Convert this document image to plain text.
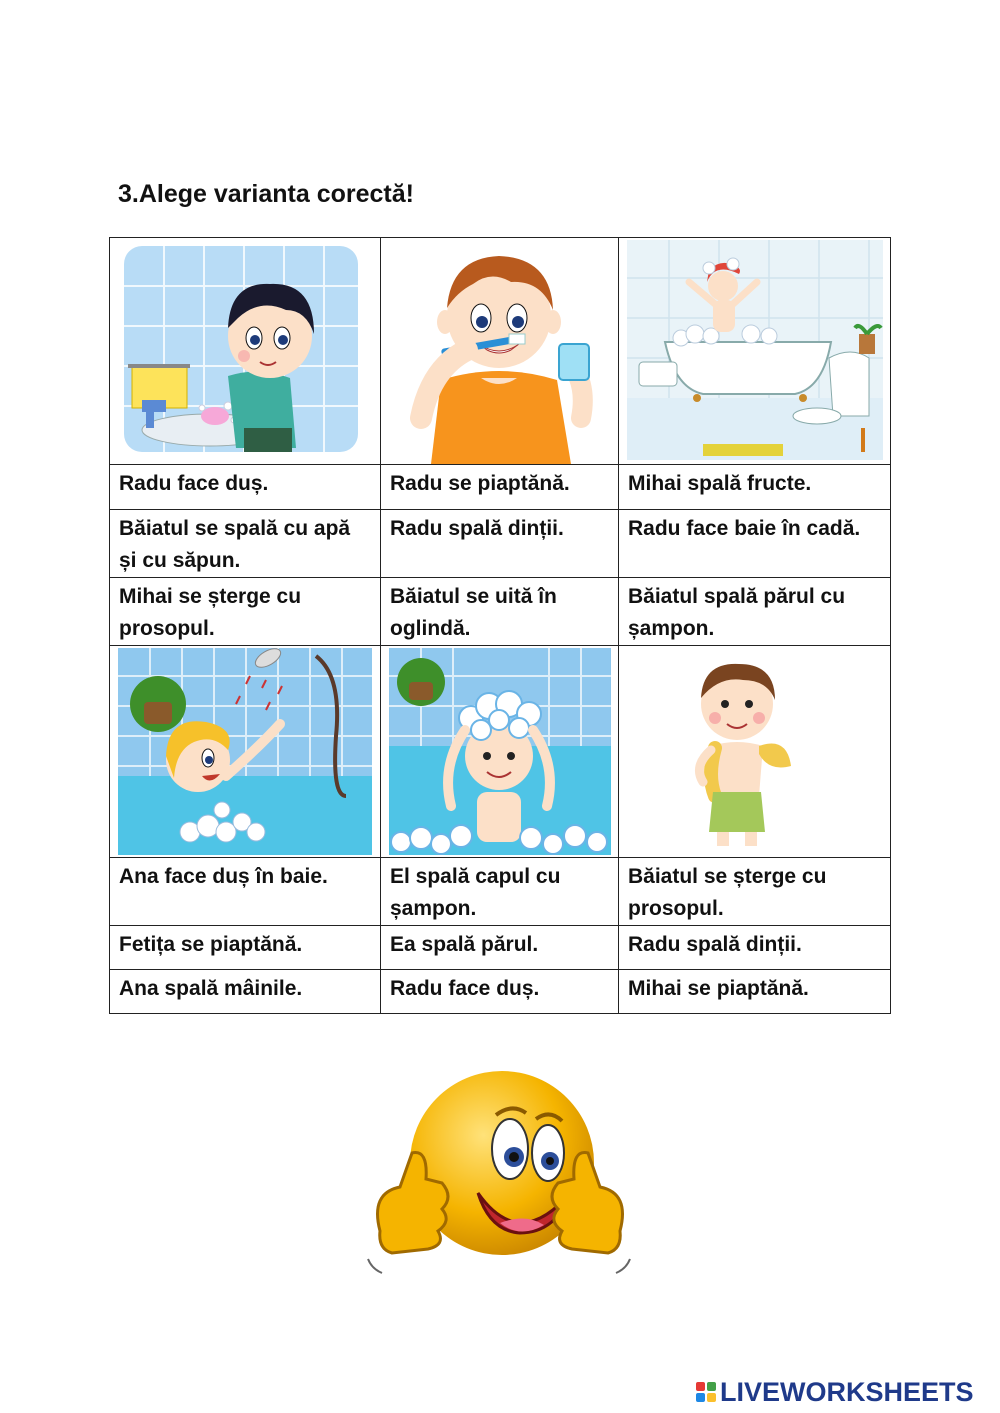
3.Alege varianta corectă!

Radu face duș.	Radu se piaptănă.	Mihai spală fructe.
Băiatul se spală cu apă și cu săpun.	Radu spală dinții.	Radu face baie în cadă.
Mihai se șterge cu prosopul.	Băiatul se uită în oglindă.	Băiatul spală părul cu șampon.

Ana face duș în baie.	El spală capul cu șampon.	Băiatul se șterge cu prosopul.
Fetița se piaptănă.	Ea spală părul.	Radu spală dinții.
Ana spală mâinile.	Radu face duș.	Mihai se piaptănă.
LIVEWORKSHEETS
